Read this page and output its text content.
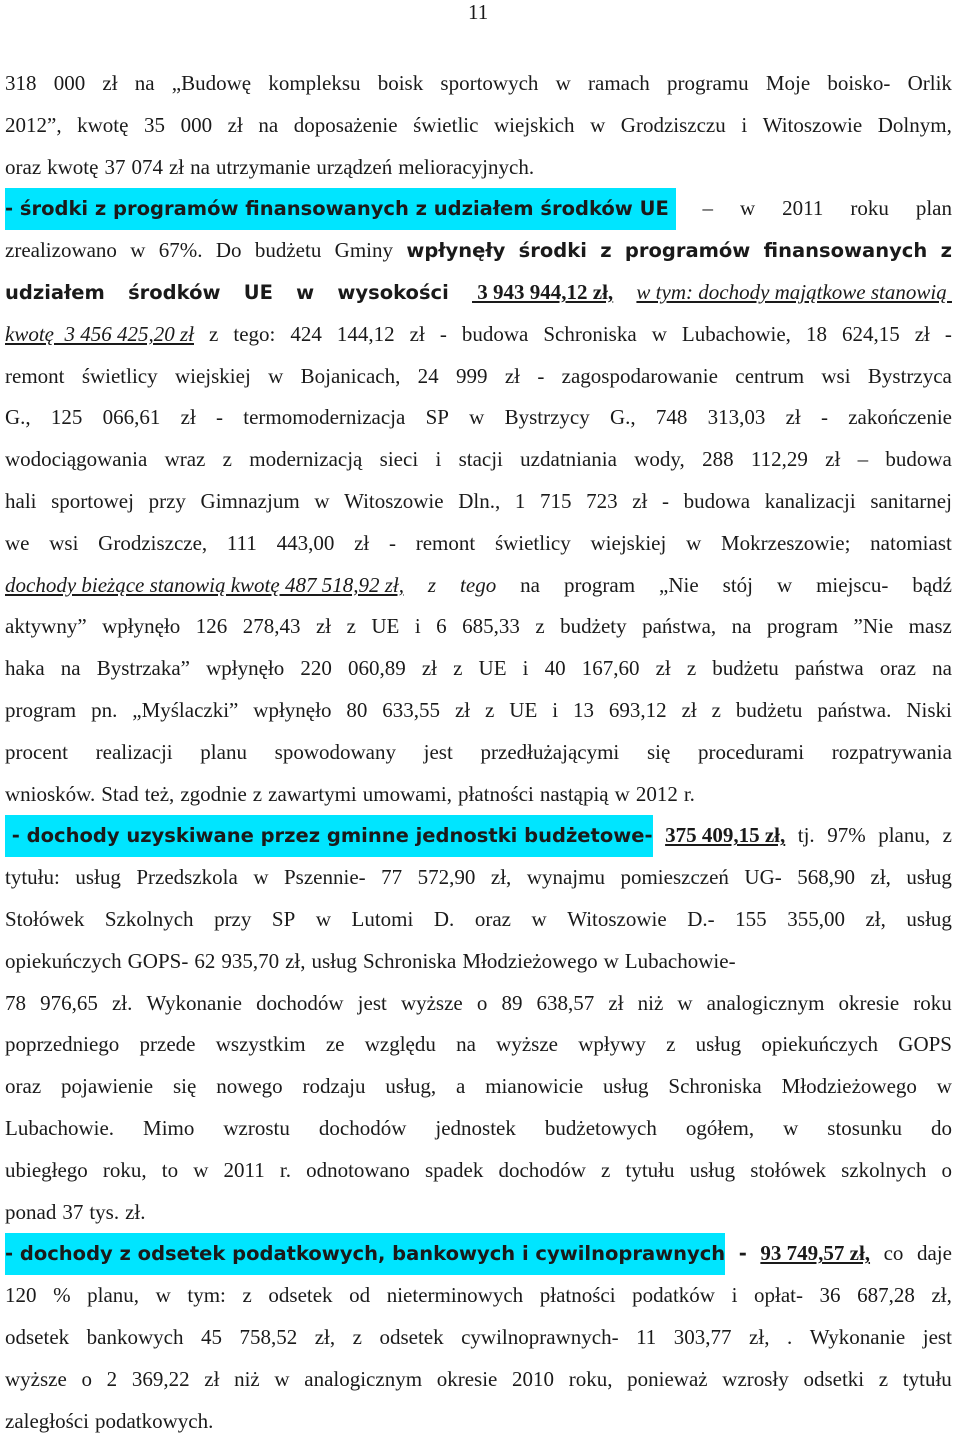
11
318 000 zł na „Budowę kompleksu boisk sportowych w ramach programu Moje boisko- Orlik
2012”, kwotę 35 000 zł na doposażenie świetlic wiejskich w Grodziszczu i Witoszowie Dolnym,
oraz kwotę 37 074 zł na utrzymanie urządzeń melioracyjnych.
- środki z programów finansowanych z udziałem środków UE – w 2011 roku plan
zrealizowano w 67%. Do budżetu Gminy wpłynęły środki z programów finansowanych z
udziałem środków UE w wysokości 3 943 944,12 zł, w tym: dochody majątkowe stanowią
kwotę  3 456 425,20 zł z tego: 424 144,12 zł - budowa Schroniska w Lubachowie, 18 624,15 zł -
remont świetlicy wiejskiej w Bojanicach, 24 999 zł - zagospodarowanie centrum wsi Bystrzyca
G., 125 066,61 zł - termomodernizacja SP w Bystrzycy G., 748 313,03 zł - zakończenie
wodociągowania wraz z modernizacją sieci i stacji uzdatniania wody, 288 112,29 zł – budowa
hali sportowej przy Gimnazjum w Witoszowie Dln., 1 715 723 zł - budowa kanalizacji sanitarnej
we wsi Grodziszcze, 111 443,00 zł - remont świetlicy wiejskiej w Mokrzeszowie; natomiast
dochody bieżące stanowią kwotę 487 518,92 zł, z tego na program „Nie stój w miejscu- bądź
aktywny” wpłynęło 126 278,43 zł z UE i 6 685,33 z budżety państwa, na program ”Nie masz
haka na Bystrzaka” wpłynęło 220 060,89 zł z UE i 40 167,60 zł z budżetu państwa oraz na
program pn. „Myślaczki” wpłynęło 80 633,55 zł z UE i 13 693,12 zł z budżetu państwa. Niski
procent realizacji planu spowodowany jest przedłużającymi się procedurami rozpatrywania
wniosków. Stad też, zgodnie z zawartymi umowami, płatności nastąpią w 2012 r.
- dochody uzyskiwane przez gminne jednostki budżetowe- 375 409,15 zł, tj. 97% planu, z
tytułu: usług Przedszkola w Pszennie- 77 572,90 zł, wynajmu pomieszczeń UG- 568,90 zł, usług
Stołówek Szkolnych przy SP w Lutomi D. oraz w Witoszowie D.- 155 355,00 zł, usług
opiekuńczych GOPS- 62 935,70 zł, usług Schroniska Młodzieżowego w Lubachowie-
78 976,65 zł. Wykonanie dochodów jest wyższe o 89 638,57 zł niż w analogicznym okresie roku
poprzedniego przede wszystkim ze względu na wyższe wpływy z usług opiekuńczych GOPS
oraz pojawienie się nowego rodzaju usług, a mianowicie usług Schroniska Młodzieżowego w
Lubachowie. Mimo wzrostu dochodów jednostek budżetowych ogółem, w stosunku do
ubiegłego roku, to w 2011 r. odnotowano spadek dochodów z tytułu usług stołówek szkolnych o
ponad 37 tys. zł.
- dochody z odsetek podatkowych, bankowych i cywilnoprawnych - 93 749,57 zł, co daje
120 % planu, w tym: z odsetek od nieterminowych płatności podatków i opłat- 36 687,28 zł,
odsetek bankowych 45 758,52 zł, z odsetek cywilnoprawnych- 11 303,77 zł, . Wykonanie jest
wyższe o 2 369,22 zł niż w analogicznym okresie 2010 roku, ponieważ wzrosły odsetki z tytułu
zaległości podatkowych.
